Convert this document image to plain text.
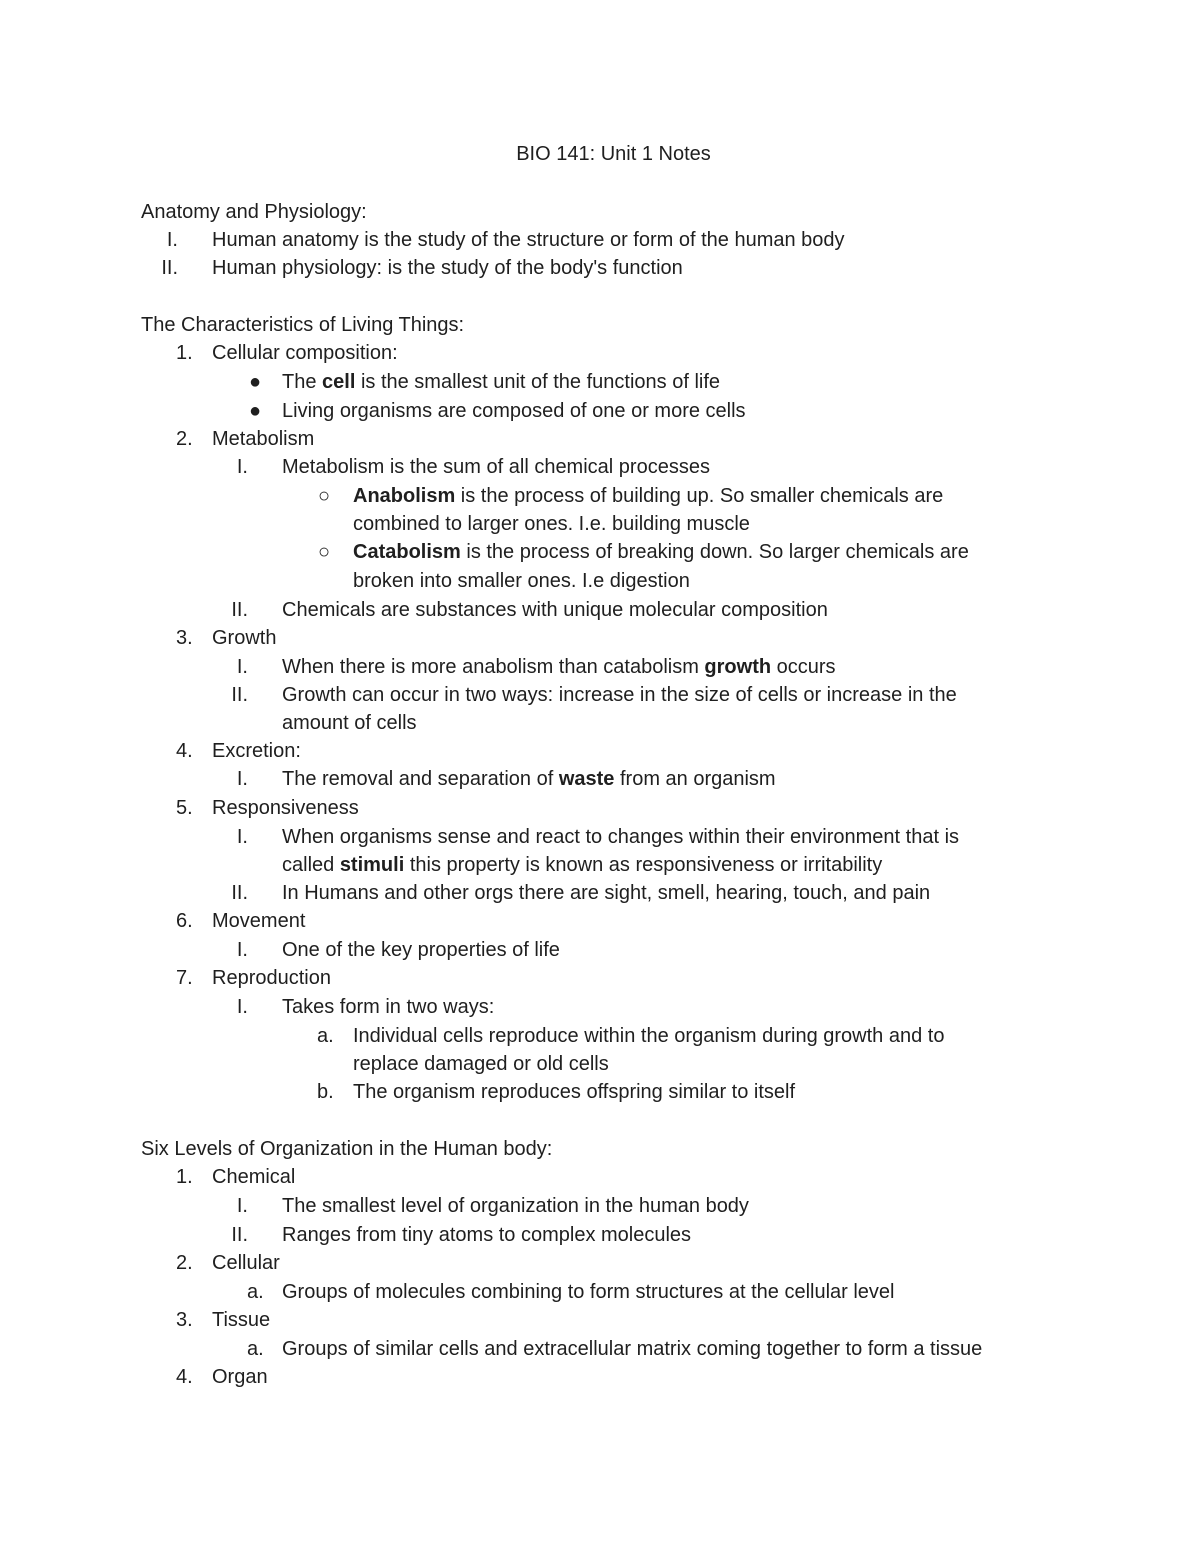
BIO 141: Unit 1 Notes
Anatomy and Physiology:
I. Human anatomy is the study of the structure or form of the human body
II. Human physiology: is the study of the body's function
The Characteristics of Living Things:
1. Cellular composition:
● The cell is the smallest unit of the functions of life
● Living organisms are composed of one or more cells
2. Metabolism
I. Metabolism is the sum of all chemical processes
○ Anabolism is the process of building up. So smaller chemicals are
combined to larger ones. I.e. building muscle
○ Catabolism is the process of breaking down. So larger chemicals are
broken into smaller ones. I.e digestion
II. Chemicals are substances with unique molecular composition
3. Growth
I. When there is more anabolism than catabolism growth occurs
II. Growth can occur in two ways: increase in the size of cells or increase in the
amount of cells
4. Excretion:
I. The removal and separation of waste from an organism
5. Responsiveness
I. When organisms sense and react to changes within their environment that is
called stimuli this property is known as responsiveness or irritability
II. In Humans and other orgs there are sight, smell, hearing, touch, and pain
6. Movement
I. One of the key properties of life
7. Reproduction
I. Takes form in two ways:
a. Individual cells reproduce within the organism during growth and to
replace damaged or old cells
b. The organism reproduces offspring similar to itself
Six Levels of Organization in the Human body:
1. Chemical
I. The smallest level of organization in the human body
II. Ranges from tiny atoms to complex molecules
2. Cellular
a. Groups of molecules combining to form structures at the cellular level
3. Tissue
a. Groups of similar cells and extracellular matrix coming together to form a tissue
4. Organ
